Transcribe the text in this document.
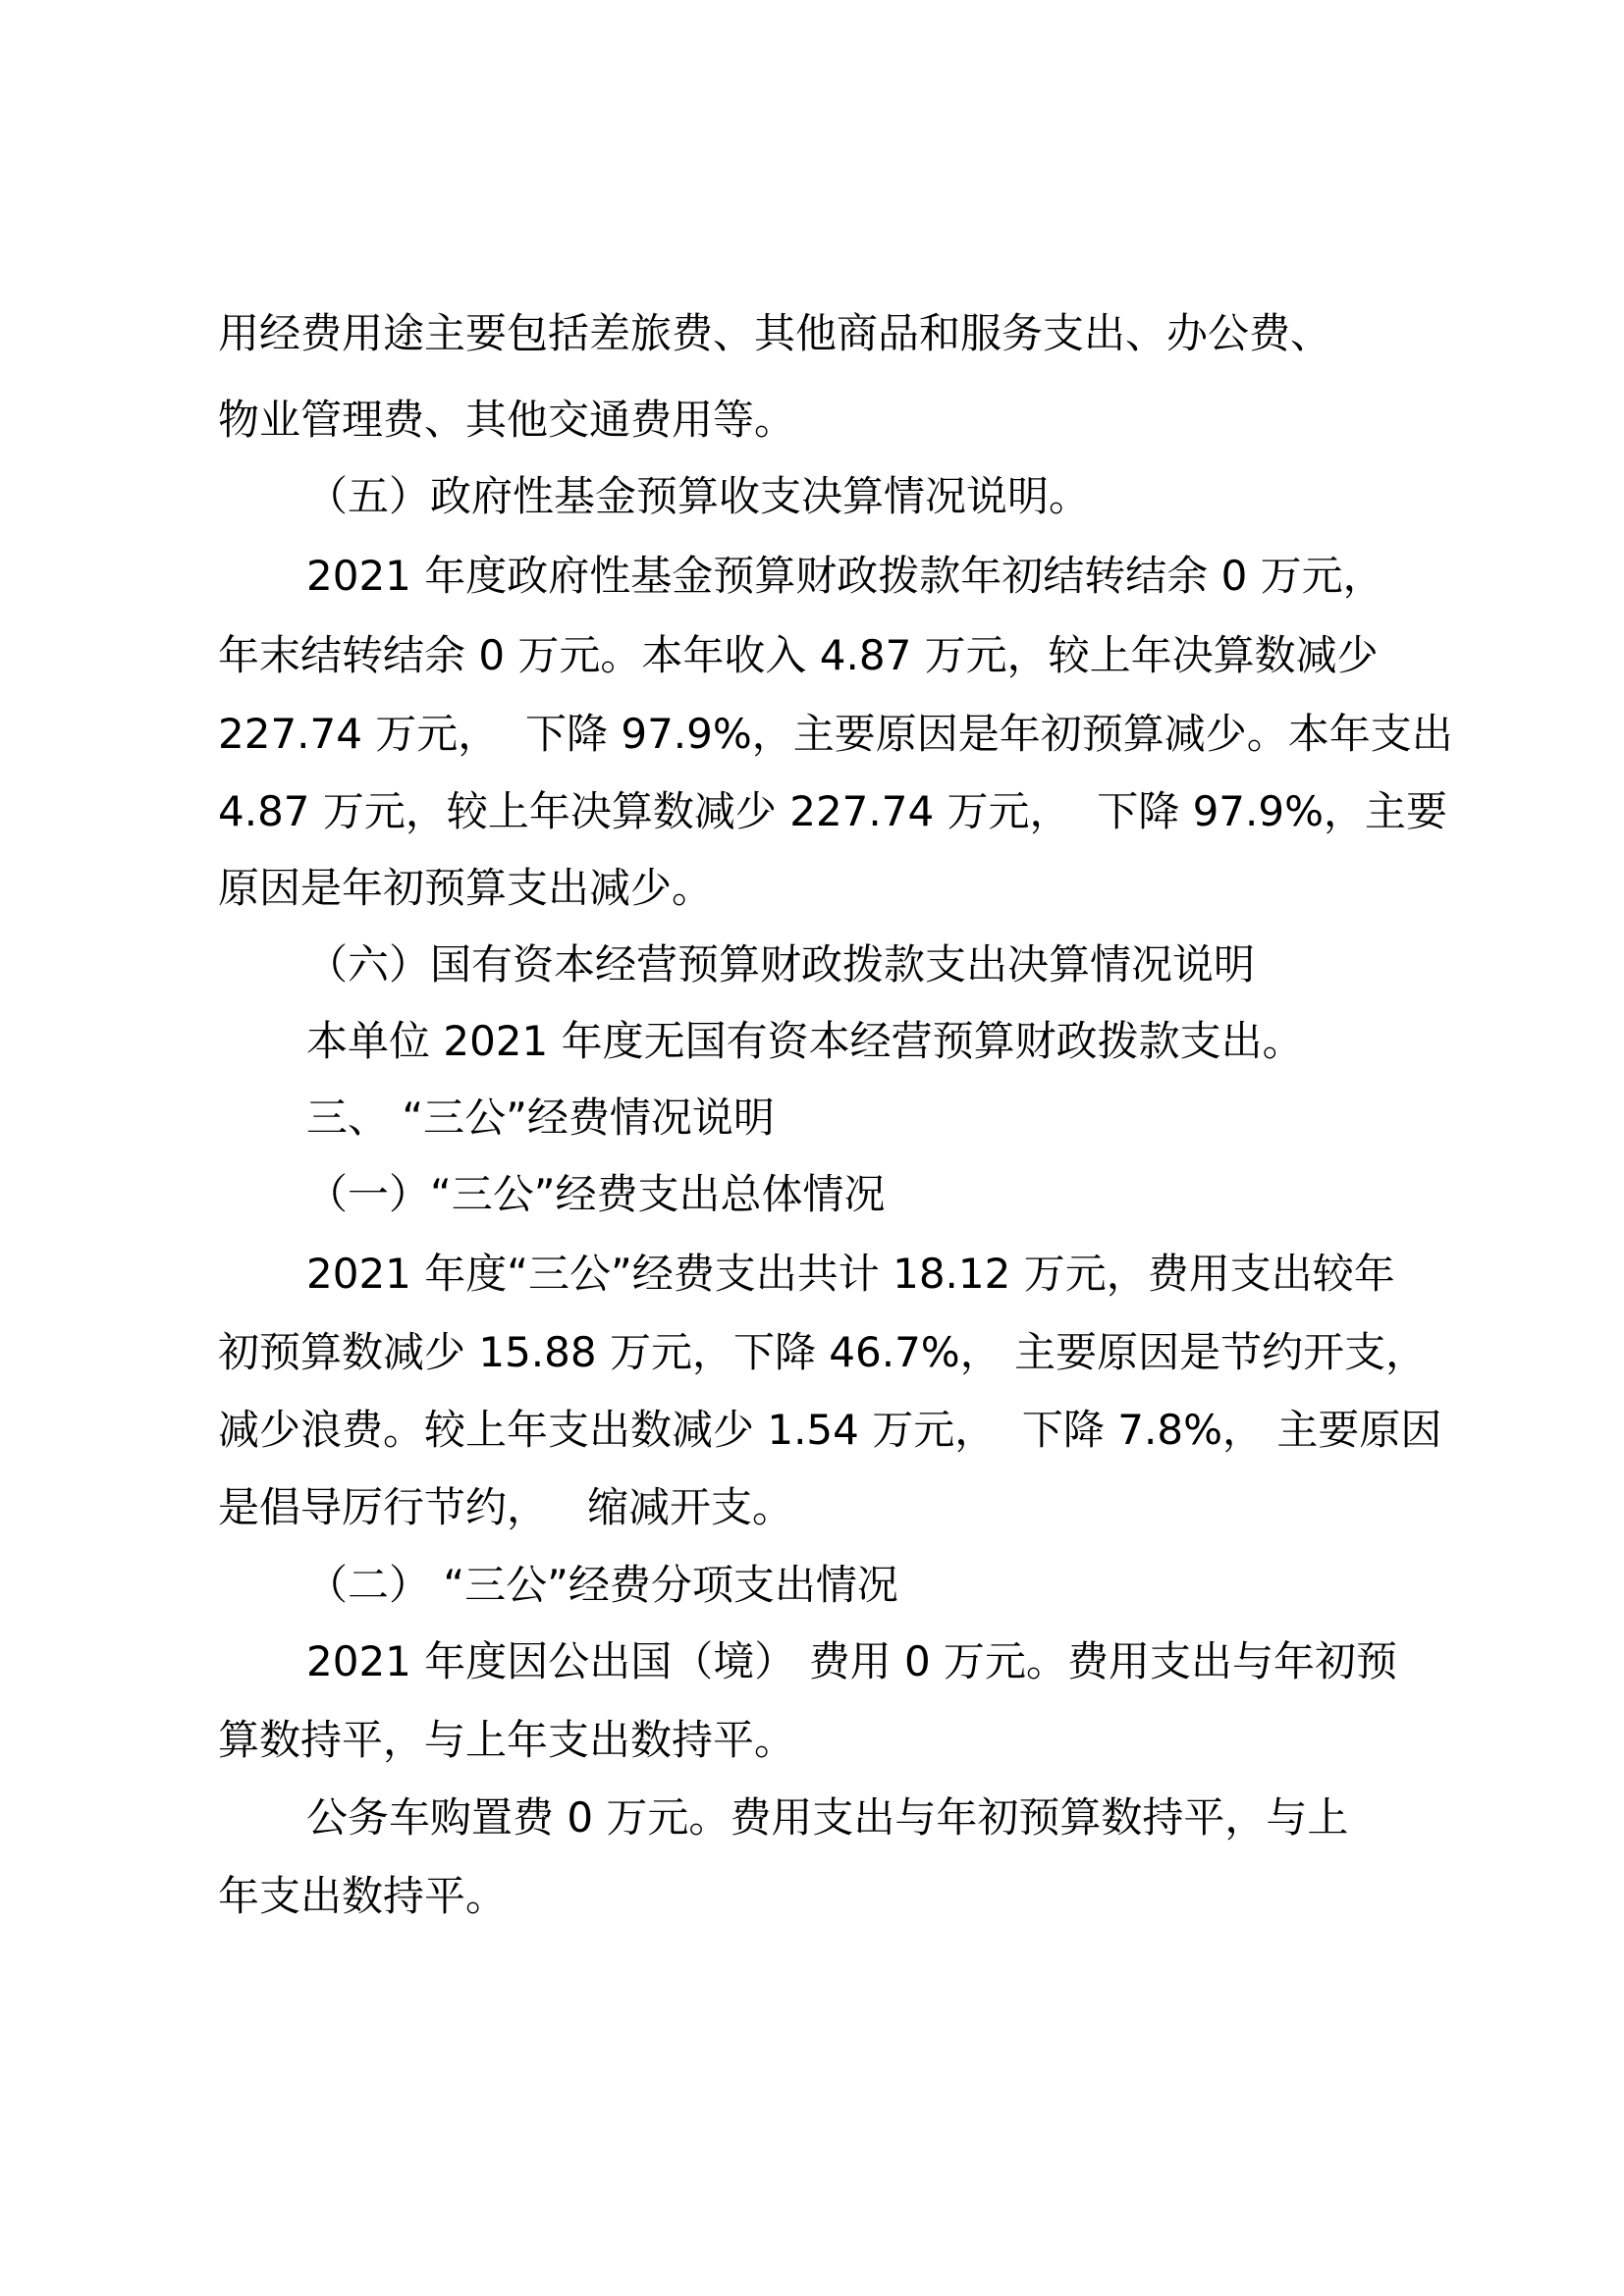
用经费用途主要包括差旅费、其他商品和服务支出、办公费、
物业管理费、其他交通费用等。
（五）政府性基金预算收支决算情况说明。
2021 年度政府性基金预算财政拨款年初结转结余 0 万元，
年末结转结余 0 万元。本年收入 4.87 万元，较上年决算数减少
227.74 万元，  下降 97.9%，主要原因是年初预算减少。本年支出
4.87 万元，较上年决算数减少 227.74 万元，  下降 97.9%，主要
原因是年初预算支出减少。
（六）国有资本经营预算财政拨款支出决算情况说明
本单位 2021 年度无国有资本经营预算财政拨款支出。
三、 “三公”经费情况说明
（一）“三公”经费支出总体情况
2021 年度“三公”经费支出共计 18.12 万元，费用支出较年
初预算数减少 15.88 万元，下降 46.7%， 主要原因是节约开支，
减少浪费。较上年支出数减少 1.54 万元，  下降 7.8%， 主要原因
是倡导厉行节约，   缩减开支。
（二） “三公”经费分项支出情况
2021 年度因公出国（境） 费用 0 万元。费用支出与年初预
算数持平，与上年支出数持平。
公务车购置费 0 万元。费用支出与年初预算数持平，与上
年支出数持平。
